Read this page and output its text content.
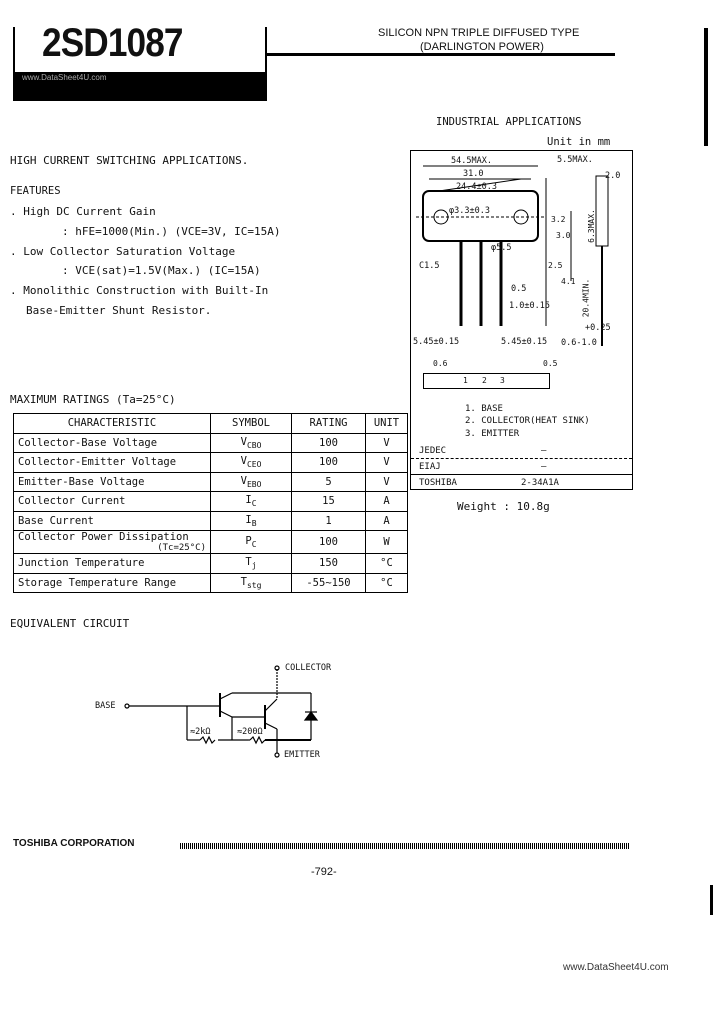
2SD1087
www.DataSheet4U.com
SILICON NPN TRIPLE DIFFUSED TYPE
(DARLINGTON POWER)
INDUSTRIAL APPLICATIONS
Unit in mm
HIGH CURRENT SWITCHING APPLICATIONS.
FEATURES
. High DC Current Gain
: hFE=1000(Min.) (VCE=3V, IC=15A)
. Low Collector Saturation Voltage
: VCE(sat)=1.5V(Max.) (IC=15A)
. Monolithic Construction with Built-In
Base-Emitter Shunt Resistor.
MAXIMUM RATINGS (Ta=25°C)
CHARACTERISTIC	SYMBOL	RATING	UNIT

Collector-Base Voltage	$V_{CBO}$	100	V

Collector-Emitter Voltage	$V_{CEO}$	100	V

Emitter-Base Voltage	$V_{EBO}$	5	V

Collector Current	$I_C$	15	A

Base Current	$I_B$	1	A

Collector Power Dissipation
(Tc=25°C)	$P_C$	100	W

Junction Temperature	$T_j$	150	°C

Storage Temperature Range	$T_{stg}$	-55~150	°C
54.5MAX.
31.0
24.4±0.3
φ3.3±0.3
φ5.5
C1.5
3.2
3.0 6.3MAX.
4.1
2.5
0.5
1.0±0.15	20.4MIN.
5.45±0.15	5.45±0.15
5.5MAX.
2.0
+0.25
0.6-1.0
0.6	0.5
1 2 3
1. BASE
2. COLLECTOR(HEAT SINK)
3. EMITTER
JEDEC	—
EIAJ	—
TOSHIBA	2-34A1A
Weight : 10.8g
EQUIVALENT CIRCUIT
COLLECTOR
BASE
EMITTER
≈2kΩ	≈200Ω
TOSHIBA CORPORATION
-792-
www.DataSheet4U.com
